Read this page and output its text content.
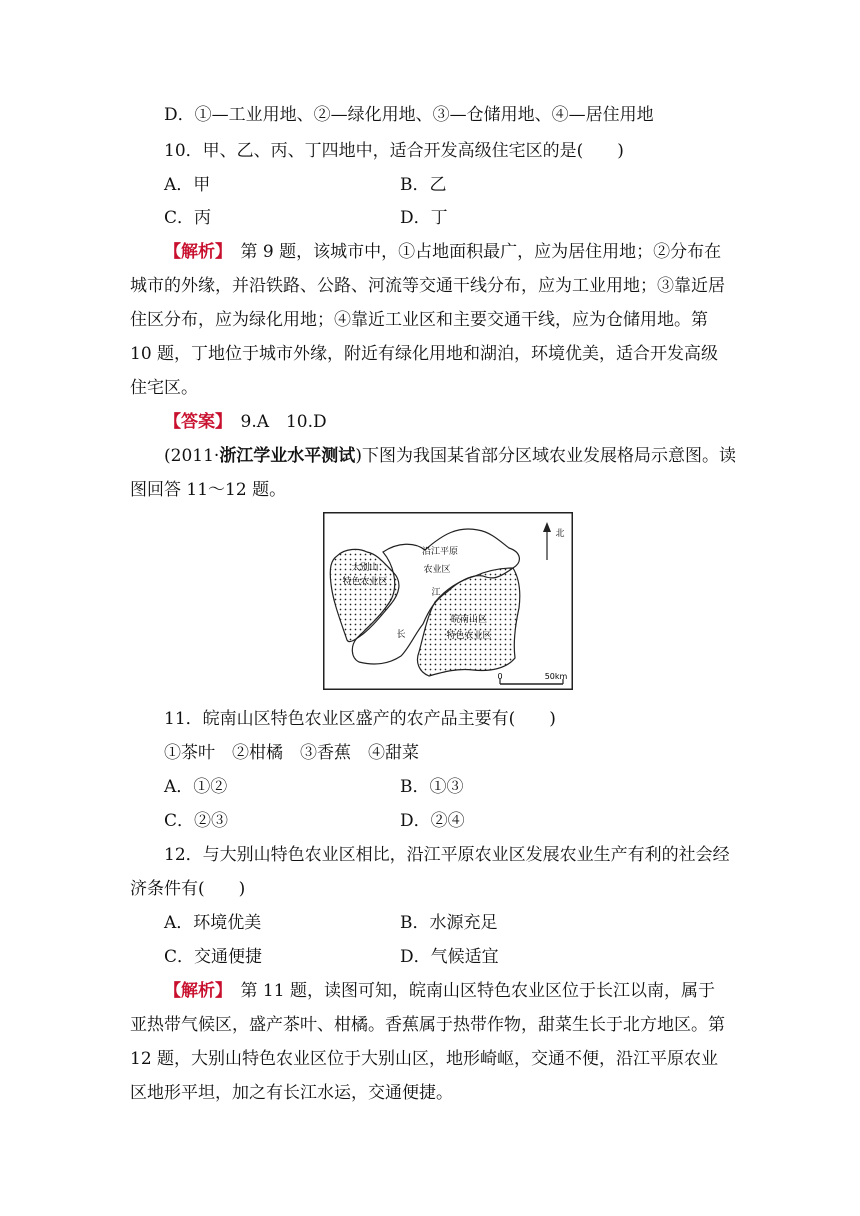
D．①—工业用地、②—绿化用地、③—仓储用地、④—居住用地
10．甲、乙、丙、丁四地中，适合开发高级住宅区的是(　　)
A．甲	B．乙
C．丙	D．丁
【解析】　第 9 题，该城市中，①占地面积最广，应为居住用地；②分布在
城市的外缘，并沿铁路、公路、河流等交通干线分布，应为工业用地；③靠近居
住区分布，应为绿化用地；④靠近工业区和主要交通干线，应为仓储用地。第
10 题，丁地位于城市外缘，附近有绿化用地和湖泊，环境优美，适合开发高级
住宅区。
【答案】　9.A　10.D
(2011·浙江学业水平测试)下图为我国某省部分区域农业发展格局示意图。读
图回答 11～12 题。
大别山
特色农业区
沿江平原
农业区
江
长
皖南山区
特色农业区
北
0	50km
11．皖南山区特色农业区盛产的农产品主要有(　　)
①茶叶　②柑橘　③香蕉　④甜菜
A．①②	B．①③
C．②③	D．②④
12．与大别山特色农业区相比，沿江平原农业区发展农业生产有利的社会经
济条件有(　　)
A．环境优美	B．水源充足
C．交通便捷	D．气候适宜
【解析】　第 11 题，读图可知，皖南山区特色农业区位于长江以南，属于
亚热带气候区，盛产茶叶、柑橘。香蕉属于热带作物，甜菜生长于北方地区。第
12 题，大别山特色农业区位于大别山区，地形崎岖，交通不便，沿江平原农业
区地形平坦，加之有长江水运，交通便捷。
